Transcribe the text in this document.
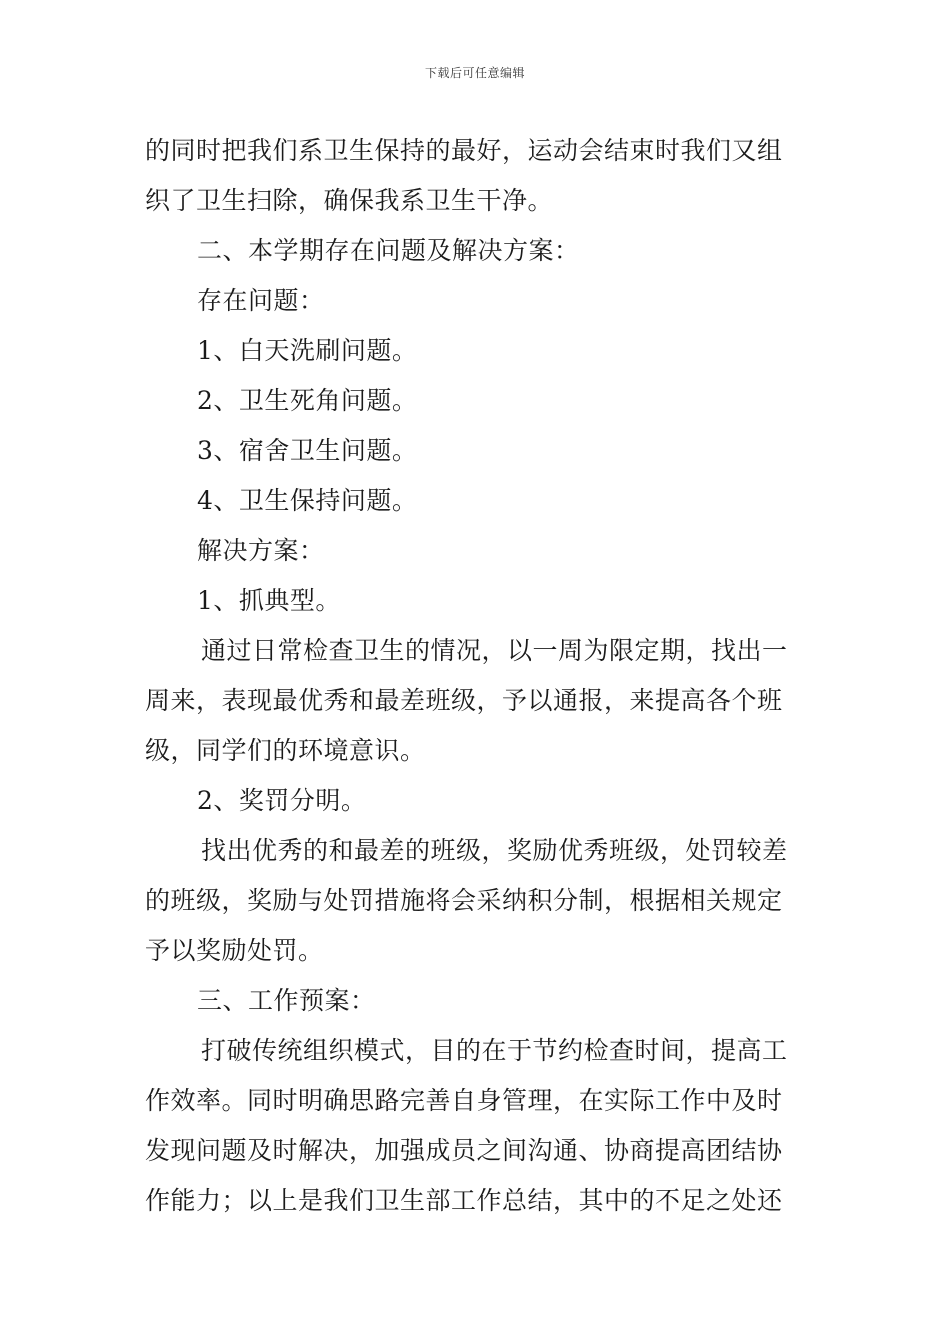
下载后可任意编辑
的同时把我们系卫生保持的最好，运动会结束时我们又组
织了卫生扫除，确保我系卫生干净。
二、本学期存在问题及解决方案：
存在问题：
1、白天洗刷问题。
2、卫生死角问题。
3、宿舍卫生问题。
4、卫生保持问题。
解决方案：
1、抓典型。
通过日常检查卫生的情况，以一周为限定期，找出一
周来，表现最优秀和最差班级，予以通报，来提高各个班
级，同学们的环境意识。
2、奖罚分明。
找出优秀的和最差的班级，奖励优秀班级，处罚较差
的班级，奖励与处罚措施将会采纳积分制，根据相关规定
予以奖励处罚。
三、工作预案：
打破传统组织模式，目的在于节约检查时间，提高工
作效率。同时明确思路完善自身管理，在实际工作中及时
发现问题及时解决，加强成员之间沟通、协商提高团结协
作能力；以上是我们卫生部工作总结，其中的不足之处还
